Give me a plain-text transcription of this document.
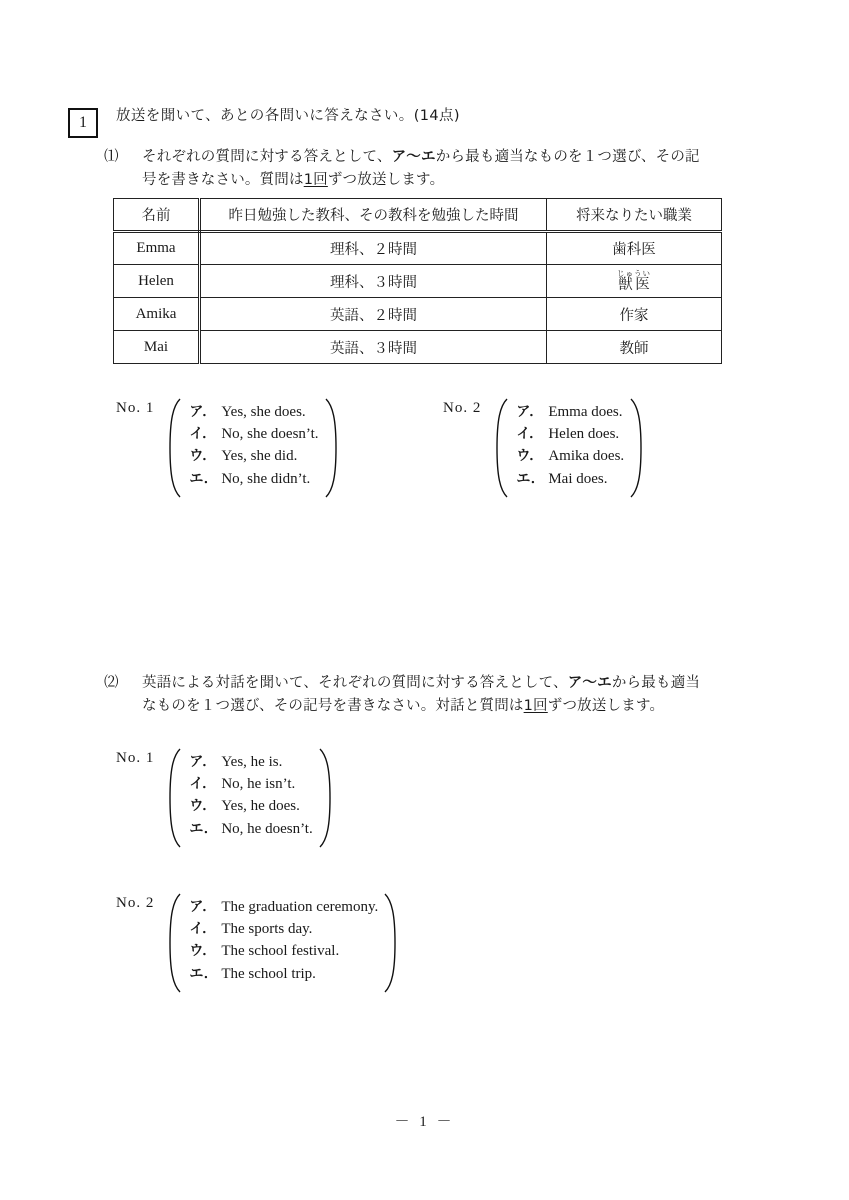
1	放送を聞いて、あとの各問いに答えなさい。(14点)
⑴	それぞれの質問に対する答えとして、ア～エから最も適当なものを１つ選び、その記

号を書きなさい。質問は1回ずつ放送します。

名前	昨日勉強した教科、その教科を勉強した時間	将来なりたい職業
Emma	理科、２時間	歯科医
Helen	理科、３時間	獣医じゅうい
Amika	英語、２時間	作家
Mai	英語、３時間	教師
No. 1	ア． Yes, she does.
イ． No, she doesn’t.
ウ． Yes, she did.
エ． No, she didn’t.
No. 2	ア． Emma does.
イ． Helen does.
ウ． Amika does.
エ． Mai does.
⑵	英語による対話を聞いて、それぞれの質問に対する答えとして、ア～エから最も適当

なものを１つ選び、その記号を書きなさい。対話と質問は1回ずつ放送します。

No. 1	ア． Yes, he is.
イ． No, he isn’t.
ウ． Yes, he does.
エ． No, he doesn’t.
No. 2	ア． The graduation ceremony.
イ． The sports day.
ウ． The school festival.
エ． The school trip.
－ 1 －
